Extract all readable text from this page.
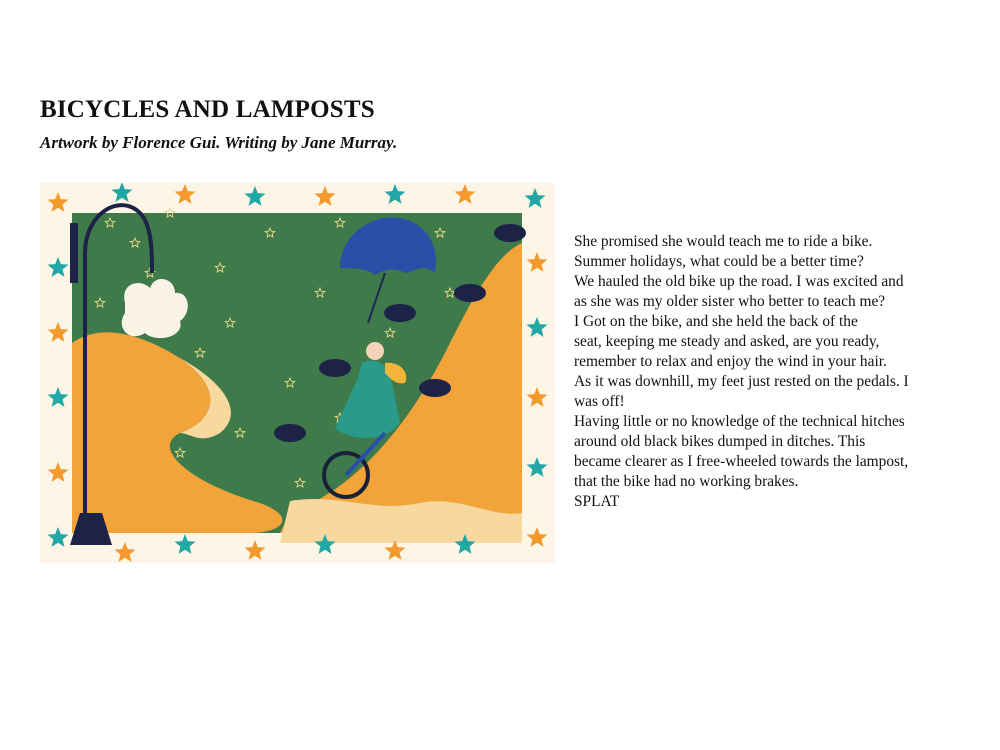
BICYCLES AND LAMPOSTS

Artwork by Florence Gui. Writing by Jane Murray.

She promised she would teach me to ride a bike.
Summer holidays, what could be a better time?
We hauled the old bike up the road. I was excited and
as she was my older sister who better to teach me?
I Got on the bike, and she held the back of the
seat, keeping me steady and asked, are you ready,
remember to relax and enjoy the wind in your hair.
As it was downhill, my feet just rested on the pedals. I
was off!
Having little or no knowledge of the technical hitches
around old black bikes dumped in ditches. This
became clearer as I free-wheeled towards the lampost,
that the bike had no working brakes.
SPLAT
